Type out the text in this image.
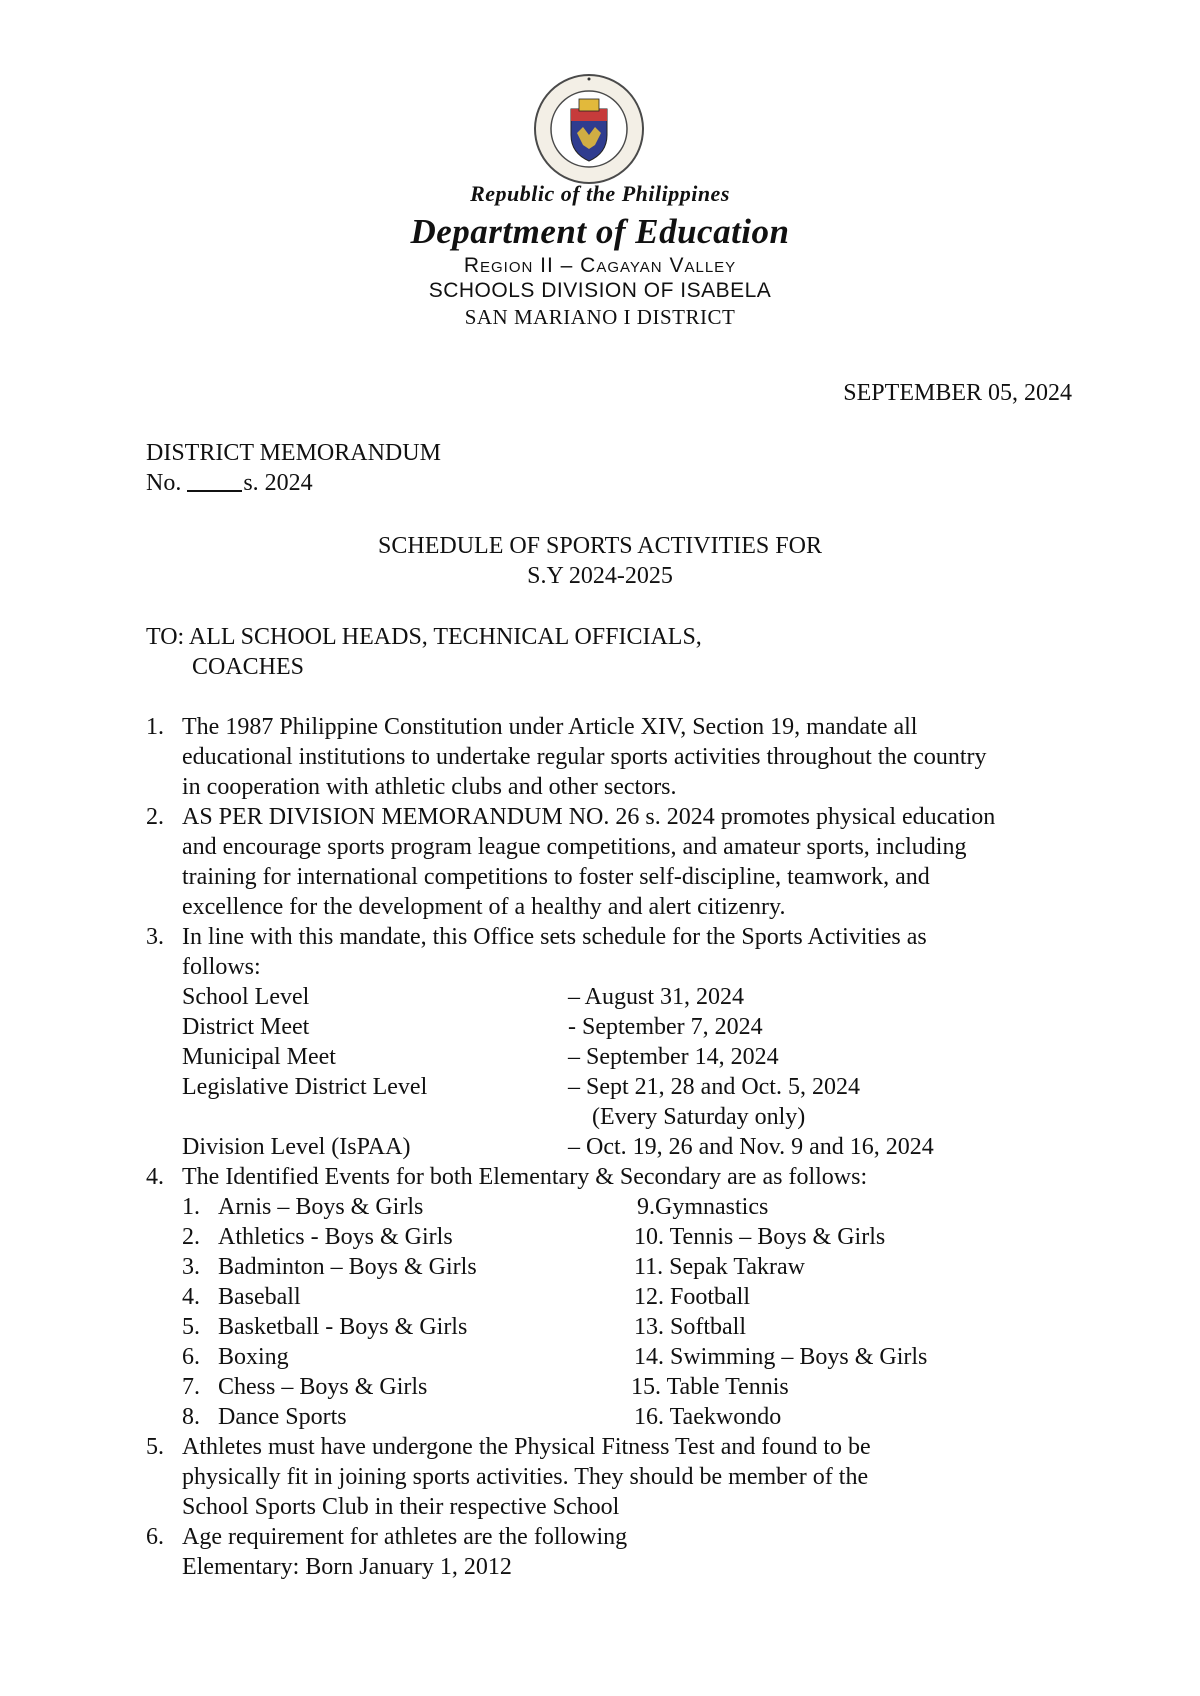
Republic of the Philippines
Department of Education
Region II – Cagayan Valley
SCHOOLS DIVISION OF ISABELA
SAN MARIANO I DISTRICT
SEPTEMBER 05, 2024
DISTRICT MEMORANDUM
No.	s. 2024
SCHEDULE OF SPORTS ACTIVITIES FOR
S.Y 2024-2025
TO: ALL SCHOOL HEADS, TECHNICAL OFFICIALS,
COACHES
1. The 1987 Philippine Constitution under Article XIV, Section 19, mandate all
educational institutions to undertake regular sports activities throughout the country
in cooperation with athletic clubs and other sectors.
2. AS PER DIVISION MEMORANDUM NO. 26 s. 2024 promotes physical education
and encourage sports program league competitions, and amateur sports, including
training for international competitions to foster self-discipline, teamwork, and
excellence for the development of a healthy and alert citizenry.
3. In line with this mandate, this Office sets schedule for the Sports Activities as
follows:
School Level	– August 31, 2024
District Meet	- September 7, 2024
Municipal Meet	– September 14, 2024
Legislative District Level	– Sept 21, 28 and Oct. 5, 2024
(Every Saturday only)
Division Level (IsPAA)	– Oct. 19, 26 and Nov. 9 and 16, 2024
4. The Identified Events for both Elementary & Secondary are as follows:
1. Arnis – Boys & Girls
2. Athletics - Boys & Girls
3. Badminton – Boys & Girls
4. Baseball
5. Basketball - Boys & Girls
6. Boxing
7. Chess – Boys & Girls
8. Dance Sports
9.Gymnastics
10. Tennis – Boys & Girls
11. Sepak Takraw
12. Football
13. Softball
14. Swimming – Boys & Girls
15. Table Tennis
16. Taekwondo
5. Athletes must have undergone the Physical Fitness Test and found to be
physically fit in joining sports activities. They should be member of the
School Sports Club in their respective School
6. Age requirement for athletes are the following
Elementary: Born January 1, 2012
